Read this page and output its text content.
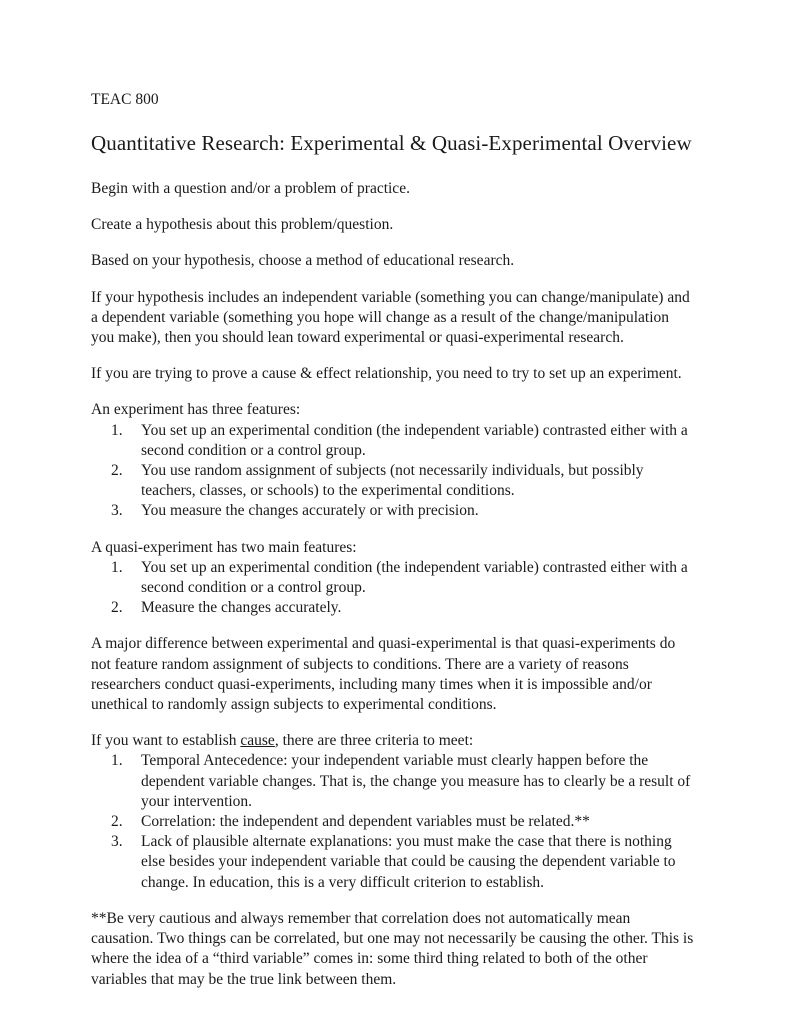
TEAC 800
Quantitative Research: Experimental & Quasi-Experimental Overview

Begin with a question and/or a problem of practice.

Create a hypothesis about this problem/question.

Based on your hypothesis, choose a method of educational research.

If your hypothesis includes an independent variable (something you can change/manipulate) and a dependent variable (something you hope will change as a result of the change/manipulation you make), then you should lean toward experimental or quasi-experimental research.

If you are trying to prove a cause & effect relationship, you need to try to set up an experiment.

An experiment has three features:
You set up an experimental condition (the independent variable) contrasted either with a second condition or a control group.
You use random assignment of subjects (not necessarily individuals, but possibly teachers, classes, or schools) to the experimental conditions.
You measure the changes accurately or with precision.
A quasi-experiment has two main features:
You set up an experimental condition (the independent variable) contrasted either with a second condition or a control group.
Measure the changes accurately.

A major difference between experimental and quasi-experimental is that quasi-experiments do not feature random assignment of subjects to conditions. There are a variety of reasons researchers conduct quasi-experiments, including many times when it is impossible and/or unethical to randomly assign subjects to experimental conditions.

If you want to establish cause, there are three criteria to meet:
Temporal Antecedence: your independent variable must clearly happen before the dependent variable changes. That is, the change you measure has to clearly be a result of your intervention.
Correlation: the independent and dependent variables must be related.**
Lack of plausible alternate explanations: you must make the case that there is nothing else besides your independent variable that could be causing the dependent variable to change. In education, this is a very difficult criterion to establish.

**Be very cautious and always remember that correlation does not automatically mean causation. Two things can be correlated, but one may not necessarily be causing the other. This is where the idea of a “third variable” comes in: some third thing related to both of the other variables that may be the true link between them.
